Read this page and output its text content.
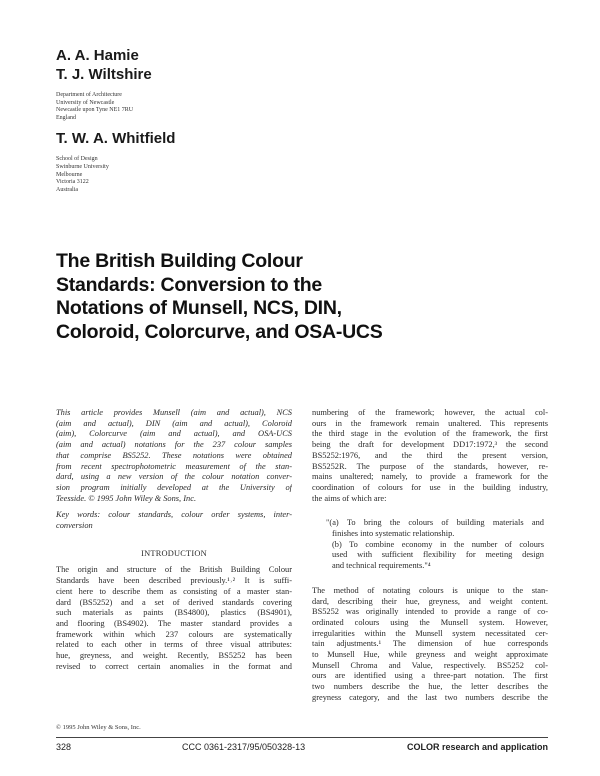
A. A. Hamie
T. J. Wiltshire
Department of Architecture
University of Newcastle
Newcastle upon Tyne NE1 7RU
England
T. W. A. Whitfield
School of Design
Swinburne University
Melbourne
Victoria 3122
Australia
The British Building Colour
Standards: Conversion to the
Notations of Munsell, NCS, DIN,
Coloroid, Colorcurve, and OSA-UCS
This article provides Munsell (aim and actual), NCS
(aim and actual), DIN (aim and actual), Coloroid
(aim), Colorcurve (aim and actual), and OSA-UCS
(aim and actual) notations for the 237 colour samples
that comprise BS5252. These notations were obtained
from recent spectrophotometric measurement of the stan-
dard, using a new version of the colour notation conver-
sion program initially developed at the University of
Teesside. © 1995 John Wiley & Sons, Inc.
Key words: colour standards, colour order systems, inter-
conversion
INTRODUCTION
The origin and structure of the British Building Colour
Standards have been described previously.¹˒² It is suffi-
cient here to describe them as consisting of a master stan-
dard (BS5252) and a set of derived standards covering
such materials as paints (BS4800), plastics (BS4901),
and flooring (BS4902). The master standard provides a
framework within which 237 colours are systematically
related to each other in terms of three visual attributes:
hue, greyness, and weight. Recently, BS5252 has been
revised to correct certain anomalies in the format and
numbering of the framework; however, the actual col-
ours in the framework remain unaltered. This represents
the third stage in the evolution of the framework, the first
being the draft for development DD17:1972,³ the second
BS5252:1976, and the third the present version,
BS5252R. The purpose of the standards, however, re-
mains unaltered; namely, to provide a framework for the
coordination of colours for use in the building industry,
the aims of which are:
"(a) To bring the colours of building materials and
finishes into systematic relationship.
(b) To combine economy in the number of colours
used with sufficient flexibility for meeting design
and technical requirements."⁴
The method of notating colours is unique to the stan-
dard, describing their hue, greyness, and weight content.
BS5252 was originally intended to provide a range of co-
ordinated colours using the Munsell system. However,
irregularities within the Munsell system necessitated cer-
tain adjustments.¹ The dimension of hue corresponds
to Munsell Hue, while greyness and weight approximate
Munsell Chroma and Value, respectively. BS5252 col-
ours are identified using a three-part notation. The first
two numbers describe the hue, the letter describes the
greyness category, and the last two numbers describe the
© 1995 John Wiley & Sons, Inc.
328	CCC 0361-2317/95/050328-13	COLOR research and application
